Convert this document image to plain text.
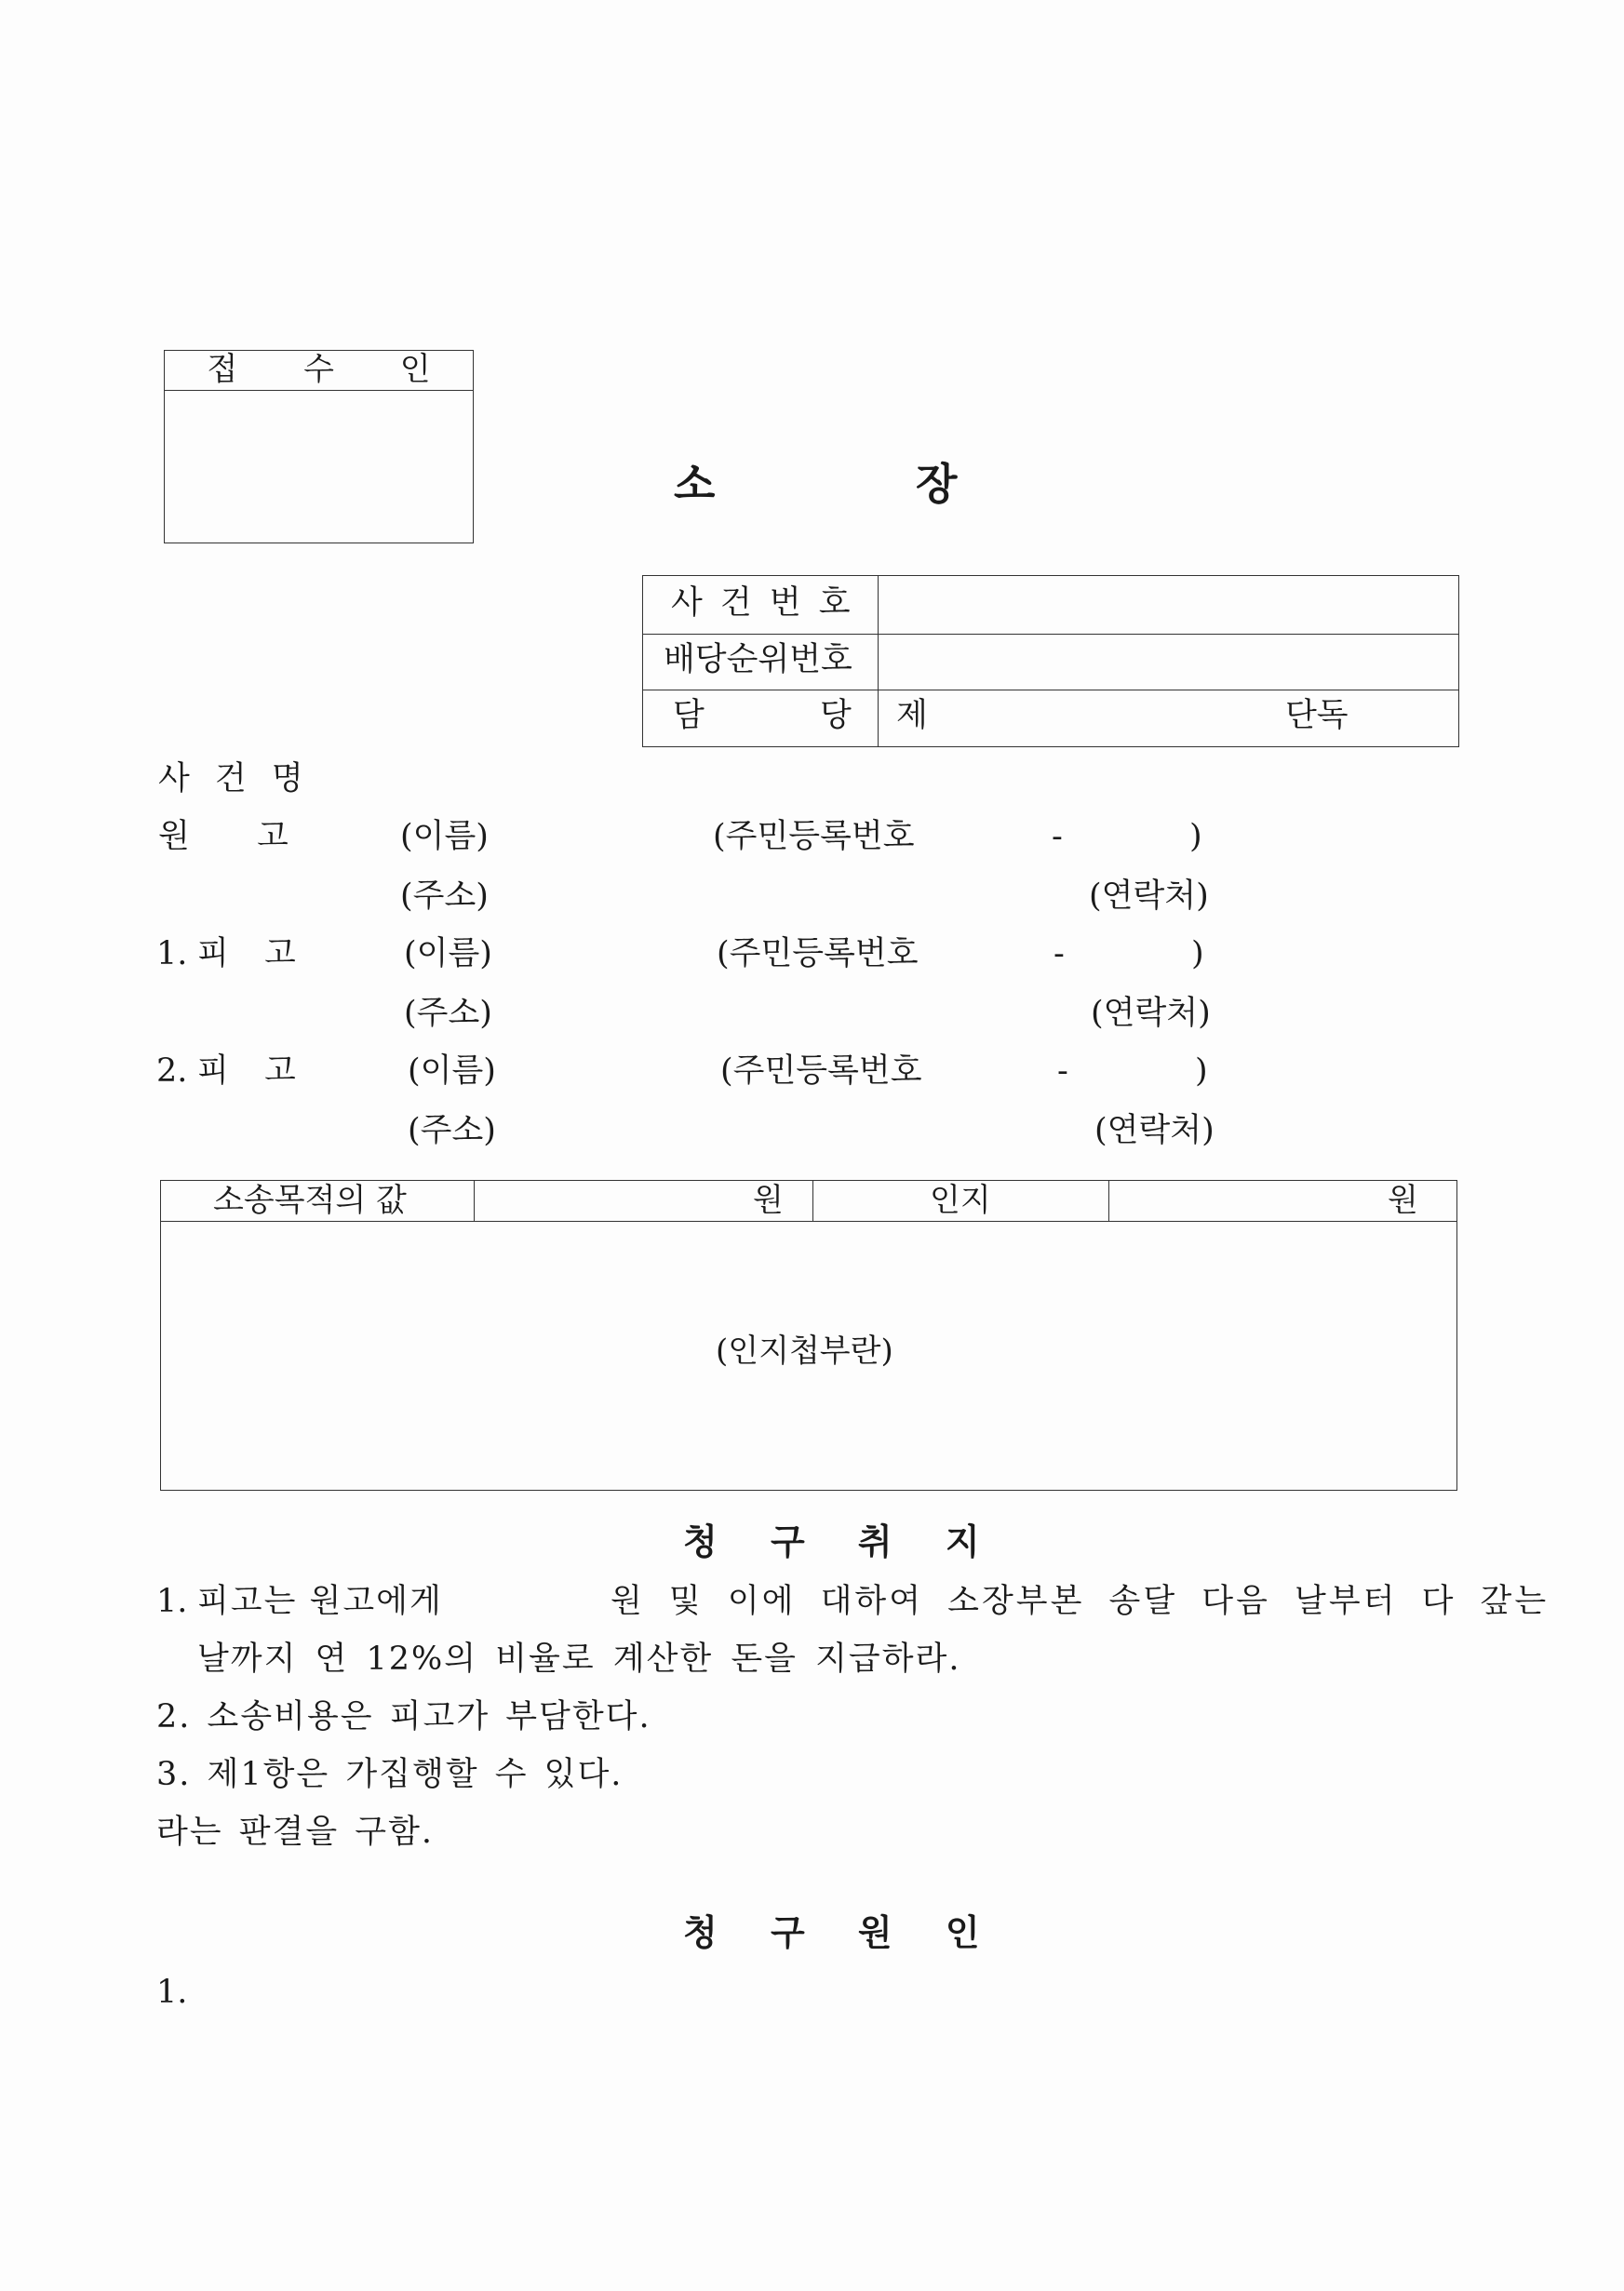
접 수 인
소	장
사 건 번 호
배당순위번호
담	당 제	단독
사 건 명
원 고	(이름)	(주민등록번호	-	)
(주소)	(연락처)
1. 피 고	(이름)	(주민등록번호	-	)
(주소)	(연락처)
2. 피 고	(이름)	(주민등록번호	-	)
(주소)	(연락처)
소송목적의 값	원	인지	원
(인지첩부란)
청 구 취 지
1. 피고는 원고에게	원 및 이에 대하여 소장부본 송달 다음 날부터 다 갚는
날까지 연 12%의 비율로 계산한 돈을 지급하라.
2. 소송비용은 피고가 부담한다.
3. 제1항은 가집행할 수 있다.
라는 판결을 구함.
청 구 원 인
1.
